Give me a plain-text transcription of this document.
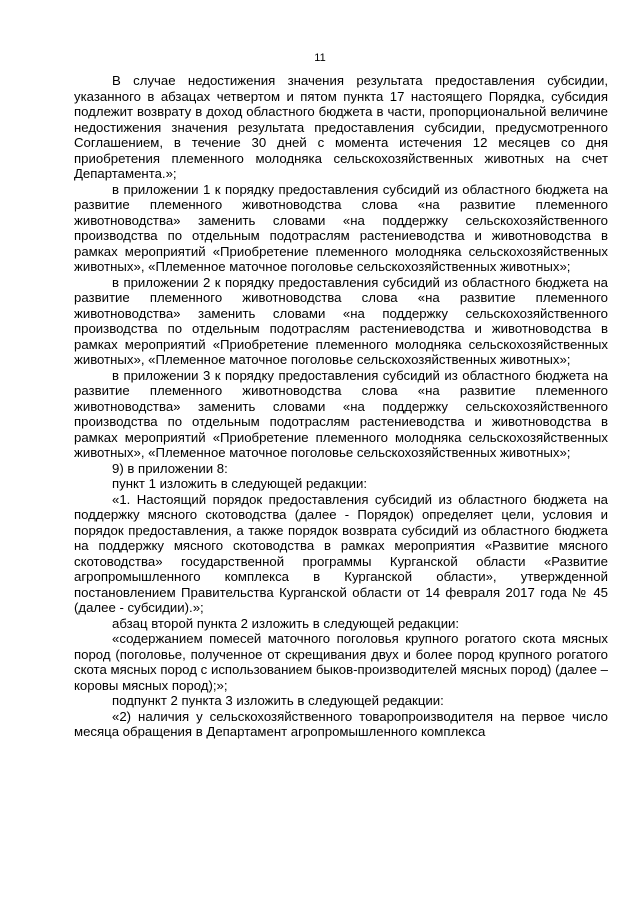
11

В случае недостижения значения результата предоставления субсидии, указанного в абзацах четвертом и пятом пункта 17 настоящего Порядка, субсидия подлежит возврату в доход областного бюджета в части, пропорциональной величине недостижения значения результата предоставления субсидии, предусмотренного Соглашением, в течение 30 дней с момента истечения 12 месяцев со дня приобретения племенного молодняка сельскохозяйственных животных на счет Департамента.»;

в приложении 1 к порядку предоставления субсидий из областного бюджета на развитие племенного животноводства слова «на развитие племенного животноводства» заменить словами «на поддержку сельскохозяйственного производства по отдельным подотраслям растениеводства и животноводства в рамках мероприятий «Приобретение племенного молодняка сельскохозяйственных животных», «Племенное маточное поголовье сельскохозяйственных животных»;

в приложении 2 к порядку предоставления субсидий из областного бюджета на развитие племенного животноводства слова «на развитие племенного животноводства» заменить словами «на поддержку сельскохозяйственного производства по отдельным подотраслям растениеводства и животноводства в рамках мероприятий «Приобретение племенного молодняка сельскохозяйственных животных», «Племенное маточное поголовье сельскохозяйственных животных»;

в приложении 3 к порядку предоставления субсидий из областного бюджета на развитие племенного животноводства слова «на развитие племенного животноводства» заменить словами «на поддержку сельскохозяйственного производства по отдельным подотраслям растениеводства и животноводства в рамках мероприятий «Приобретение племенного молодняка сельскохозяйственных животных», «Племенное маточное поголовье сельскохозяйственных животных»;

9) в приложении 8:

пункт 1 изложить в следующей редакции:

«1. Настоящий порядок предоставления субсидий из областного бюджета на поддержку мясного скотоводства (далее - Порядок) определяет цели, условия и порядок предоставления, а также порядок возврата субсидий из областного бюджета на поддержку мясного скотоводства в рамках мероприятия «Развитие мясного скотоводства» государственной программы Курганской области «Развитие агропромышленного комплекса в Курганской области», утвержденной постановлением Правительства Курганской области от 14 февраля 2017 года № 45 (далее - субсидии).»;

абзац второй пункта 2 изложить в следующей редакции:

«содержанием помесей маточного поголовья крупного рогатого скота мясных пород (поголовье, полученное от скрещивания двух и более пород крупного рогатого скота мясных пород с использованием быков-производителей мясных пород) (далее – коровы мясных пород);»;

подпункт 2 пункта 3 изложить в следующей редакции:

«2) наличия у сельскохозяйственного товаропроизводителя на первое число месяца обращения в Департамент агропромышленного комплекса
